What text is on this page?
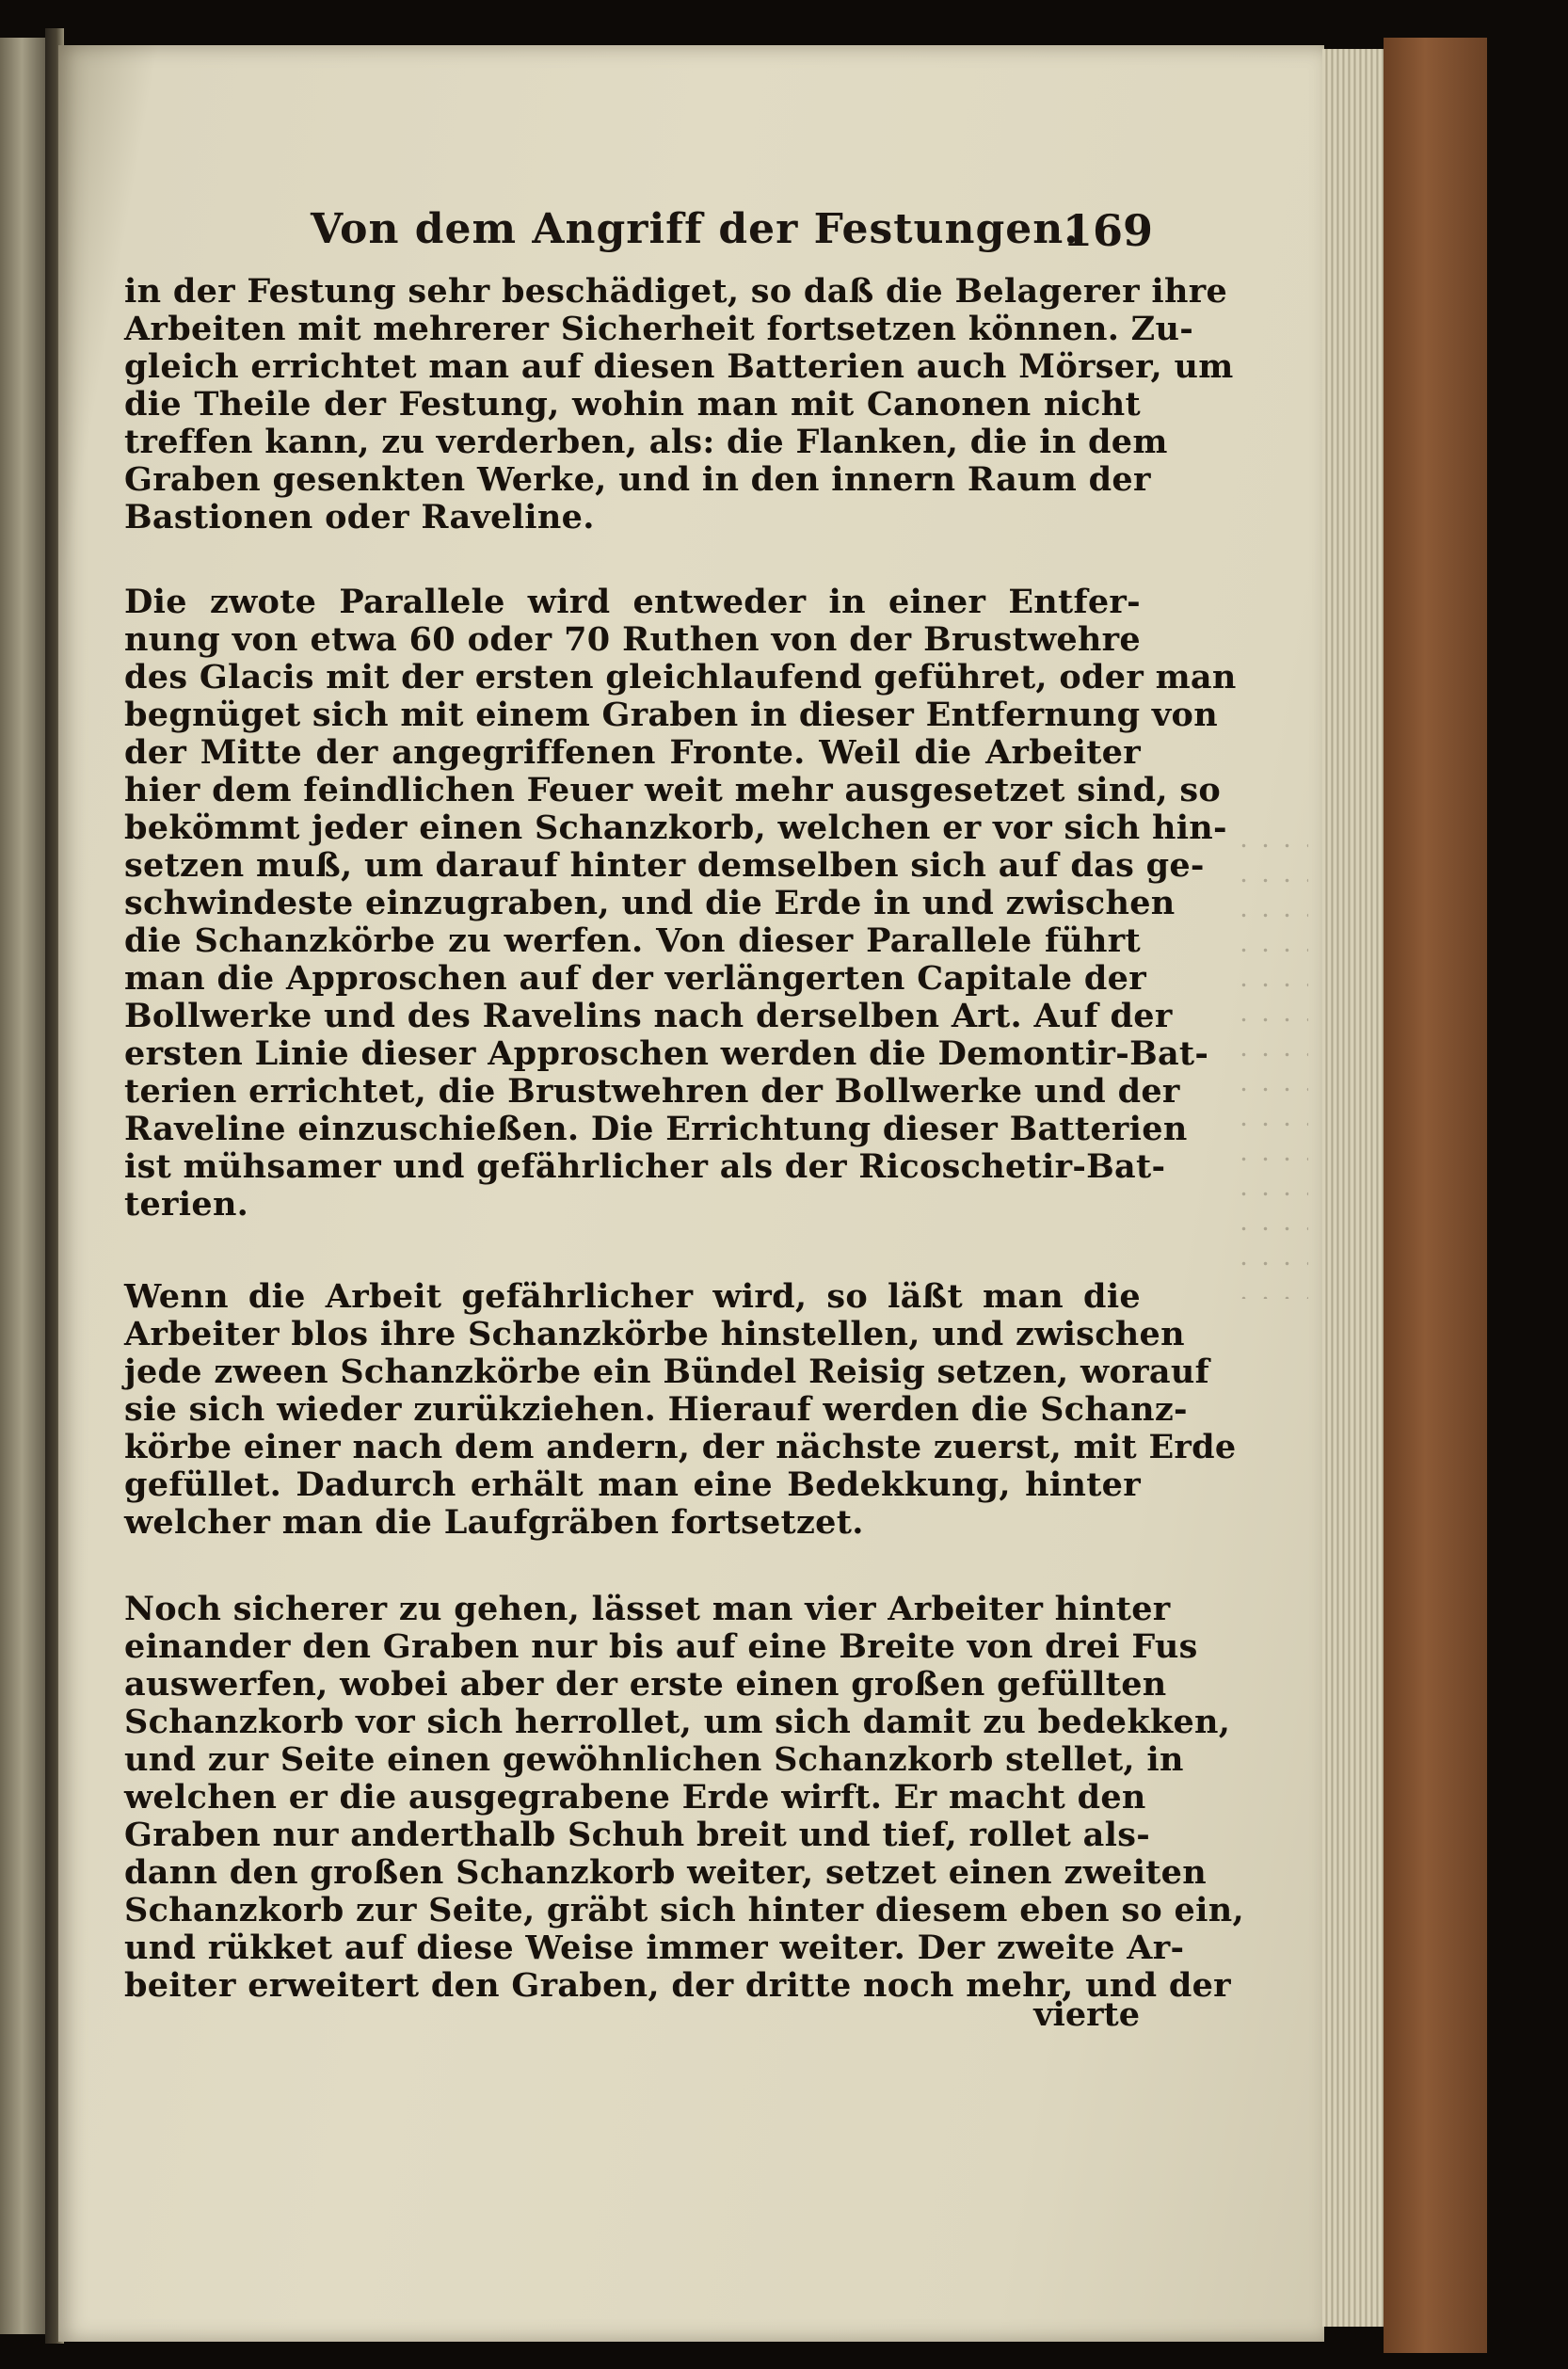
Von dem Angriff der Festungen.
169
in der Festung sehr beschädiget, so daß die Belagerer ihre
Arbeiten mit mehrerer Sicherheit fortsetzen können. Zu-
gleich errichtet man auf diesen Batterien auch Mörser, um
die Theile der Festung, wohin man mit Canonen nicht
treffen kann, zu verderben, als: die Flanken, die in dem
Graben gesenkten Werke, und in den innern Raum der
Bastionen oder Raveline.
Die zwote Parallele wird entweder in einer Entfer-
nung von etwa 60 oder 70 Ruthen von der Brustwehre
des Glacis mit der ersten gleichlaufend geführet, oder man
begnüget sich mit einem Graben in dieser Entfernung von
der Mitte der angegriffenen Fronte. Weil die Arbeiter
hier dem feindlichen Feuer weit mehr ausgesetzet sind, so
bekömmt jeder einen Schanzkorb, welchen er vor sich hin-
setzen muß, um darauf hinter demselben sich auf das ge-
schwindeste einzugraben, und die Erde in und zwischen
die Schanzkörbe zu werfen. Von dieser Parallele führt
man die Approschen auf der verlängerten Capitale der
Bollwerke und des Ravelins nach derselben Art. Auf der
ersten Linie dieser Approschen werden die Demontir-Bat-
terien errichtet, die Brustwehren der Bollwerke und der
Raveline einzuschießen. Die Errichtung dieser Batterien
ist mühsamer und gefährlicher als der Ricoschetir-Bat-
terien.
Wenn die Arbeit gefährlicher wird, so läßt man die
Arbeiter blos ihre Schanzkörbe hinstellen, und zwischen
jede zween Schanzkörbe ein Bündel Reisig setzen, worauf
sie sich wieder zurükziehen. Hierauf werden die Schanz-
körbe einer nach dem andern, der nächste zuerst, mit Erde
gefüllet. Dadurch erhält man eine Bedekkung, hinter
welcher man die Laufgräben fortsetzet.
Noch sicherer zu gehen, lässet man vier Arbeiter hinter
einander den Graben nur bis auf eine Breite von drei Fus
auswerfen, wobei aber der erste einen großen gefüllten
Schanzkorb vor sich herrollet, um sich damit zu bedekken,
und zur Seite einen gewöhnlichen Schanzkorb stellet, in
welchen er die ausgegrabene Erde wirft. Er macht den
Graben nur anderthalb Schuh breit und tief, rollet als-
dann den großen Schanzkorb weiter, setzet einen zweiten
Schanzkorb zur Seite, gräbt sich hinter diesem eben so ein,
und rükket auf diese Weise immer weiter. Der zweite Ar-
beiter erweitert den Graben, der dritte noch mehr, und der
vierte
